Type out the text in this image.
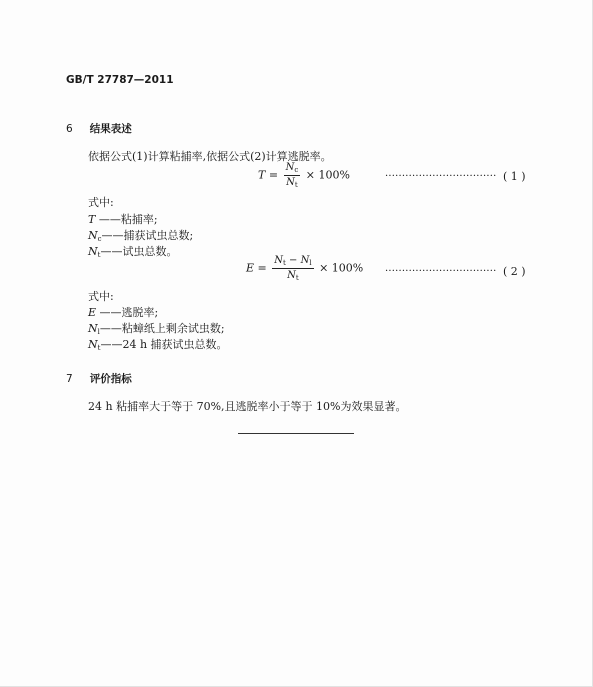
GB/T 27787—2011
6 结果表述
依据公式(1)计算粘捕率,依据公式(2)计算逃脱率。
$T = \frac{N_c}{N_t} \times 100\%$	································· ( 1 )
式中:
T ——粘捕率;
$N_c——$捕获试虫总数;
$N_t——$试虫总数。
$E = \frac{N_t - N_l}{N_t} \times 100\%$ ································· ( 2 )
式中:
E ——逃脱率;
$N_l——$粘蟑纸上剩余试虫数;
$N_t——24$ h 捕获试虫总数。
7 评价指标
24 h 粘捕率大于等于 70%,且逃脱率小于等于 10%为效果显著。
